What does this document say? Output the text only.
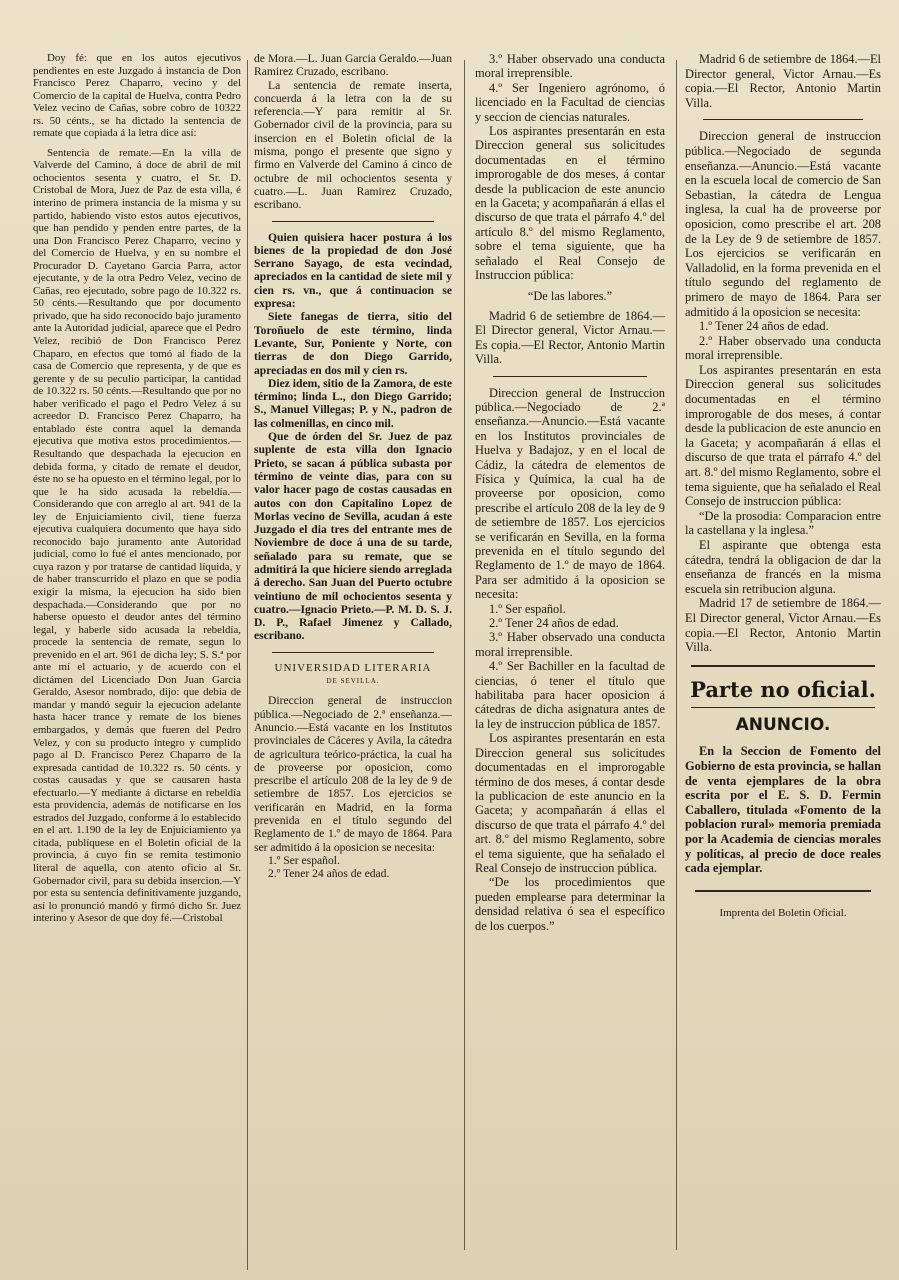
Doy fé: que en los autos ejecutivos pendientes en este Juzgado á instancia de Don Francisco Perez Chaparro, vecino y del Comercio de la capital de Huelva, contra Pedro Velez vecino de Cañas, sobre cobro de 10322 rs. 50 cénts., se ha dictado la sentencia de remate que copiada á la letra dice así:

Sentencia de remate.—En la villa de Valverde del Camino, á doce de abril de mil ochocientos sesenta y cuatro, el Sr. D. Cristobal de Mora, Juez de Paz de esta villa, é interino de primera instancia de la misma y su partido, habiendo visto estos autos ejecutivos, que han pendido y penden entre partes, de la una Don Francisco Perez Chaparro, vecino y del Comercio de Huelva, y en su nombre el Procurador D. Cayetano Garcia Parra, actor ejecutante, y de la otra Pedro Velez, vecino de Cañas, reo ejecutado, sobre pago de 10.322 rs. 50 cénts.—Resultando que por documento privado, que ha sido reconocido bajo juramento ante la Autoridad judicial, aparece que el Pedro Velez, recibió de Don Francisco Perez Chaparo, en efectos que tomó al fiado de la casa de Comercio que representa, y de que es gerente y de su peculio participar, la cantidad de 10.322 rs. 50 cénts.—Resultando que por no haber verificado el pago el Pedro Velez á su acreedor D. Francisco Perez Chaparro, ha entablado éste contra aquel la demanda ejecutiva que motiva estos procedimientos.—Resultando que despachada la ejecucion en debida forma, y citado de remate el deudor, éste no se ha opuesto en el término legal, por lo que le ha sido acusada la rebeldía.—Considerando que con arreglo al art. 941 de la ley de Enjuiciamiento civil, tiene fuerza ejecutiva cualquiera documento que haya sido reconocido bajo juramento ante Autoridad judicial, como lo fué el antes mencionado, por cuya razon y por tratarse de cantidad líquida, y de haber transcurrido el plazo en que se podia exigir la misma, la ejecucion ha sido bien despachada.—Considerando que por no haberse opuesto el deudor antes del término legal, y haberle sido acusada la rebeldía, procede la sentencia de remate, segun lo prevenido en el art. 961 de dicha ley; S. S.ª por ante mí el actuario, y de acuerdo con el dictámen del Licenciado Don Juan Garcia Geraldo, Asesor nombrado, dijo: que debia de mandar y mandó seguir la ejecucion adelante hasta hacer trance y remate de los bienes embargados, y demás que fueren del Pedro Velez, y con su producto íntegro y cumplido pago al D. Francisco Perez Chaparro de la expresada cantidad de 10.322 rs. 50 cénts. y costas causadas y que se causaren hasta efectuarlo.—Y mediante á dictarse en rebeldía esta providencia, además de notificarse en los estrados del Juzgado, conforme á lo establecido en el art. 1.190 de la ley de Enjuiciamiento ya citada, publíquese en el Boletin oficial de la provincia, á cuyo fin se remita testimonio literal de aquella, con atento oficio al Sr. Gobernador civil, para su debida insercion.—Y por esta su sentencia definitivamente juzgando, así lo pronunció mandó y firmó dicho Sr. Juez interino y Asesor de que doy fé.—Cristobal

de Mora.—L. Juan Garcia Geraldo.—Juan Ramirez Cruzado, escribano.

La sentencia de remate inserta, concuerda á la letra con la de su referencia.—Y para remitir al Sr. Gobernador civil de la provincia, para su insercion en el Boletin oficial de la misma, pongo el presente que signo y firmo en Valverde del Camino á cinco de octubre de mil ochocientos sesenta y cuatro.—L. Juan Ramirez Cruzado, escribano.

Quien quisiera hacer postura á los bienes de la propiedad de don José Serrano Sayago, de esta vecindad, apreciados en la cantidad de siete mil y cien rs. vn., que á continuacion se expresa:

Siete fanegas de tierra, sitio del Toroñuelo de este término, linda Levante, Sur, Poniente y Norte, con tierras de don Diego Garrido, apreciadas en dos mil y cien rs.

Diez idem, sitio de la Zamora, de este término; linda L., don Diego Garrido; S., Manuel Villegas; P. y N., padron de las colmenillas, en cinco mil.

Que de órden del Sr. Juez de paz suplente de esta villa don Ignacio Prieto, se sacan á pública subasta por término de veinte dias, para con su valor hacer pago de costas causadas en autos con don Capitalino Lopez de Morlas vecino de Sevilla, acudan á este Juzgado el dia tres del entrante mes de Noviembre de doce á una de su tarde, señalado para su remate, que se admitirá la que hiciere siendo arreglada á derecho. San Juan del Puerto octubre veintiuno de mil ochocientos sesenta y cuatro.—Ignacio Prieto.—P. M. D. S. J. D. P., Rafael Jimenez y Callado, escribano.

UNIVERSIDAD LITERARIA
DE SEVILLA.

Direccion general de instruccion pública.—Negociado de 2.ª enseñanza.—Anuncio.—Está vacante en los Institutos provinciales de Cáceres y Avila, la cátedra de agricultura teórico-práctica, la cual ha de proveerse por oposicion, como prescribe el artículo 208 de la ley de 9 de setiembre de 1857. Los ejercicios se verificarán en Madrid, en la forma prevenida en el título segundo del Reglamento de 1.º de mayo de 1864. Para ser admitido á la oposicion se necesita:

1.º Ser español.

2.º Tener 24 años de edad.

3.º Haber observado una conducta moral irreprensible.

4.º Ser Ingeniero agrónomo, ó licenciado en la Facultad de ciencias y seccion de ciencias naturales.

Los aspirantes presentarán en esta Direccion general sus solicitudes documentadas en el término improrogable de dos meses, á contar desde la publicacion de este anuncio en la Gaceta; y acompañarán á ellas el discurso de que trata el párrafo 4.º del artículo 8.º del mismo Reglamento, sobre el tema siguiente, que ha señalado el Real Consejo de Instruccion pública:

“De las labores.”

Madrid 6 de setiembre de 1864.—El Director general, Victor Arnau.—Es copia.—El Rector, Antonio Martin Villa.

Direccion general de Instruccion pública.—Negociado de 2.ª enseñanza.—Anuncio.—Está vacante en los Institutos provinciales de Huelva y Badajoz, y en el local de Cádiz, la cátedra de elementos de Física y Química, la cual ha de proveerse por oposicion, como prescribe el artículo 208 de la ley de 9 de setiembre de 1857. Los ejercicios se verificarán en Sevilla, en la forma prevenida en el título segundo del Reglamento de 1.º de mayo de 1864. Para ser admitido á la oposicion se necesita:

1.º Ser español.

2.º Tener 24 años de edad.

3.º Haber observado una conducta moral irreprensible.

4.º Ser Bachiller en la facultad de ciencias, ó tener el título que habilitaba para hacer oposicion á cátedras de dicha asignatura antes de la ley de instruccion pública de 1857.

Los aspirantes presentarán en esta Direccion general sus solicitudes documentadas en el improrogable término de dos meses, á contar desde la publicacion de este anuncio en la Gaceta; y acompañarán á ellas el discurso de que trata el párrafo 4.º del art. 8.º del mismo Reglamento, sobre el tema siguiente, que ha señalado el Real Consejo de instruccion pública.

“De los procedimientos que pueden emplearse para determinar la densidad relativa ó sea el específico de los cuerpos.”

Madrid 6 de setiembre de 1864.—El Director general, Victor Arnau.—Es copia.—El Rector, Antonio Martin Villa.

Direccion general de instruccion pública.—Negociado de segunda enseñanza.—Anuncio.—Está vacante en la escuela local de comercio de San Sebastian, la cátedra de Lengua inglesa, la cual ha de proveerse por oposicion, como prescribe el art. 208 de la Ley de 9 de setiembre de 1857. Los ejercicios se verificarán en Valladolid, en la forma prevenida en el título segundo del reglamento de primero de mayo de 1864. Para ser admitido á la oposicion se necesita:

1.º Tener 24 años de edad.

2.º Haber observado una conducta moral irreprensible.

Los aspirantes presentarán en esta Direccion general sus solicitudes documentadas en el término improrogable de dos meses, á contar desde la publicacion de este anuncio en la Gaceta; y acompañarán á ellas el discurso de que trata el párrafo 4.º del art. 8.º del mismo Reglamento, sobre el tema siguiente, que ha señalado el Real Consejo de instruccion pública:

“De la prosodia: Comparacion entre la castellana y la inglesa.”

El aspirante que obtenga esta cátedra, tendrá la obligacion de dar la enseñanza de francés en la misma escuela sin retribucion alguna.

Madrid 17 de setiembre de 1864.—El Director general, Victor Arnau.—Es copia.—El Rector, Antonio Martin Villa.

Parte no oficial.
ANUNCIO.

En la Seccion de Fomento del Gobierno de esta provincia, se hallan de venta ejemplares de la obra escrita por el E. S. D. Fermin Caballero, titulada «Fomento de la poblacion rural» memoria premiada por la Academia de ciencias morales y políticas, al precio de doce reales cada ejemplar.

Imprenta del Boletin Oficial.
